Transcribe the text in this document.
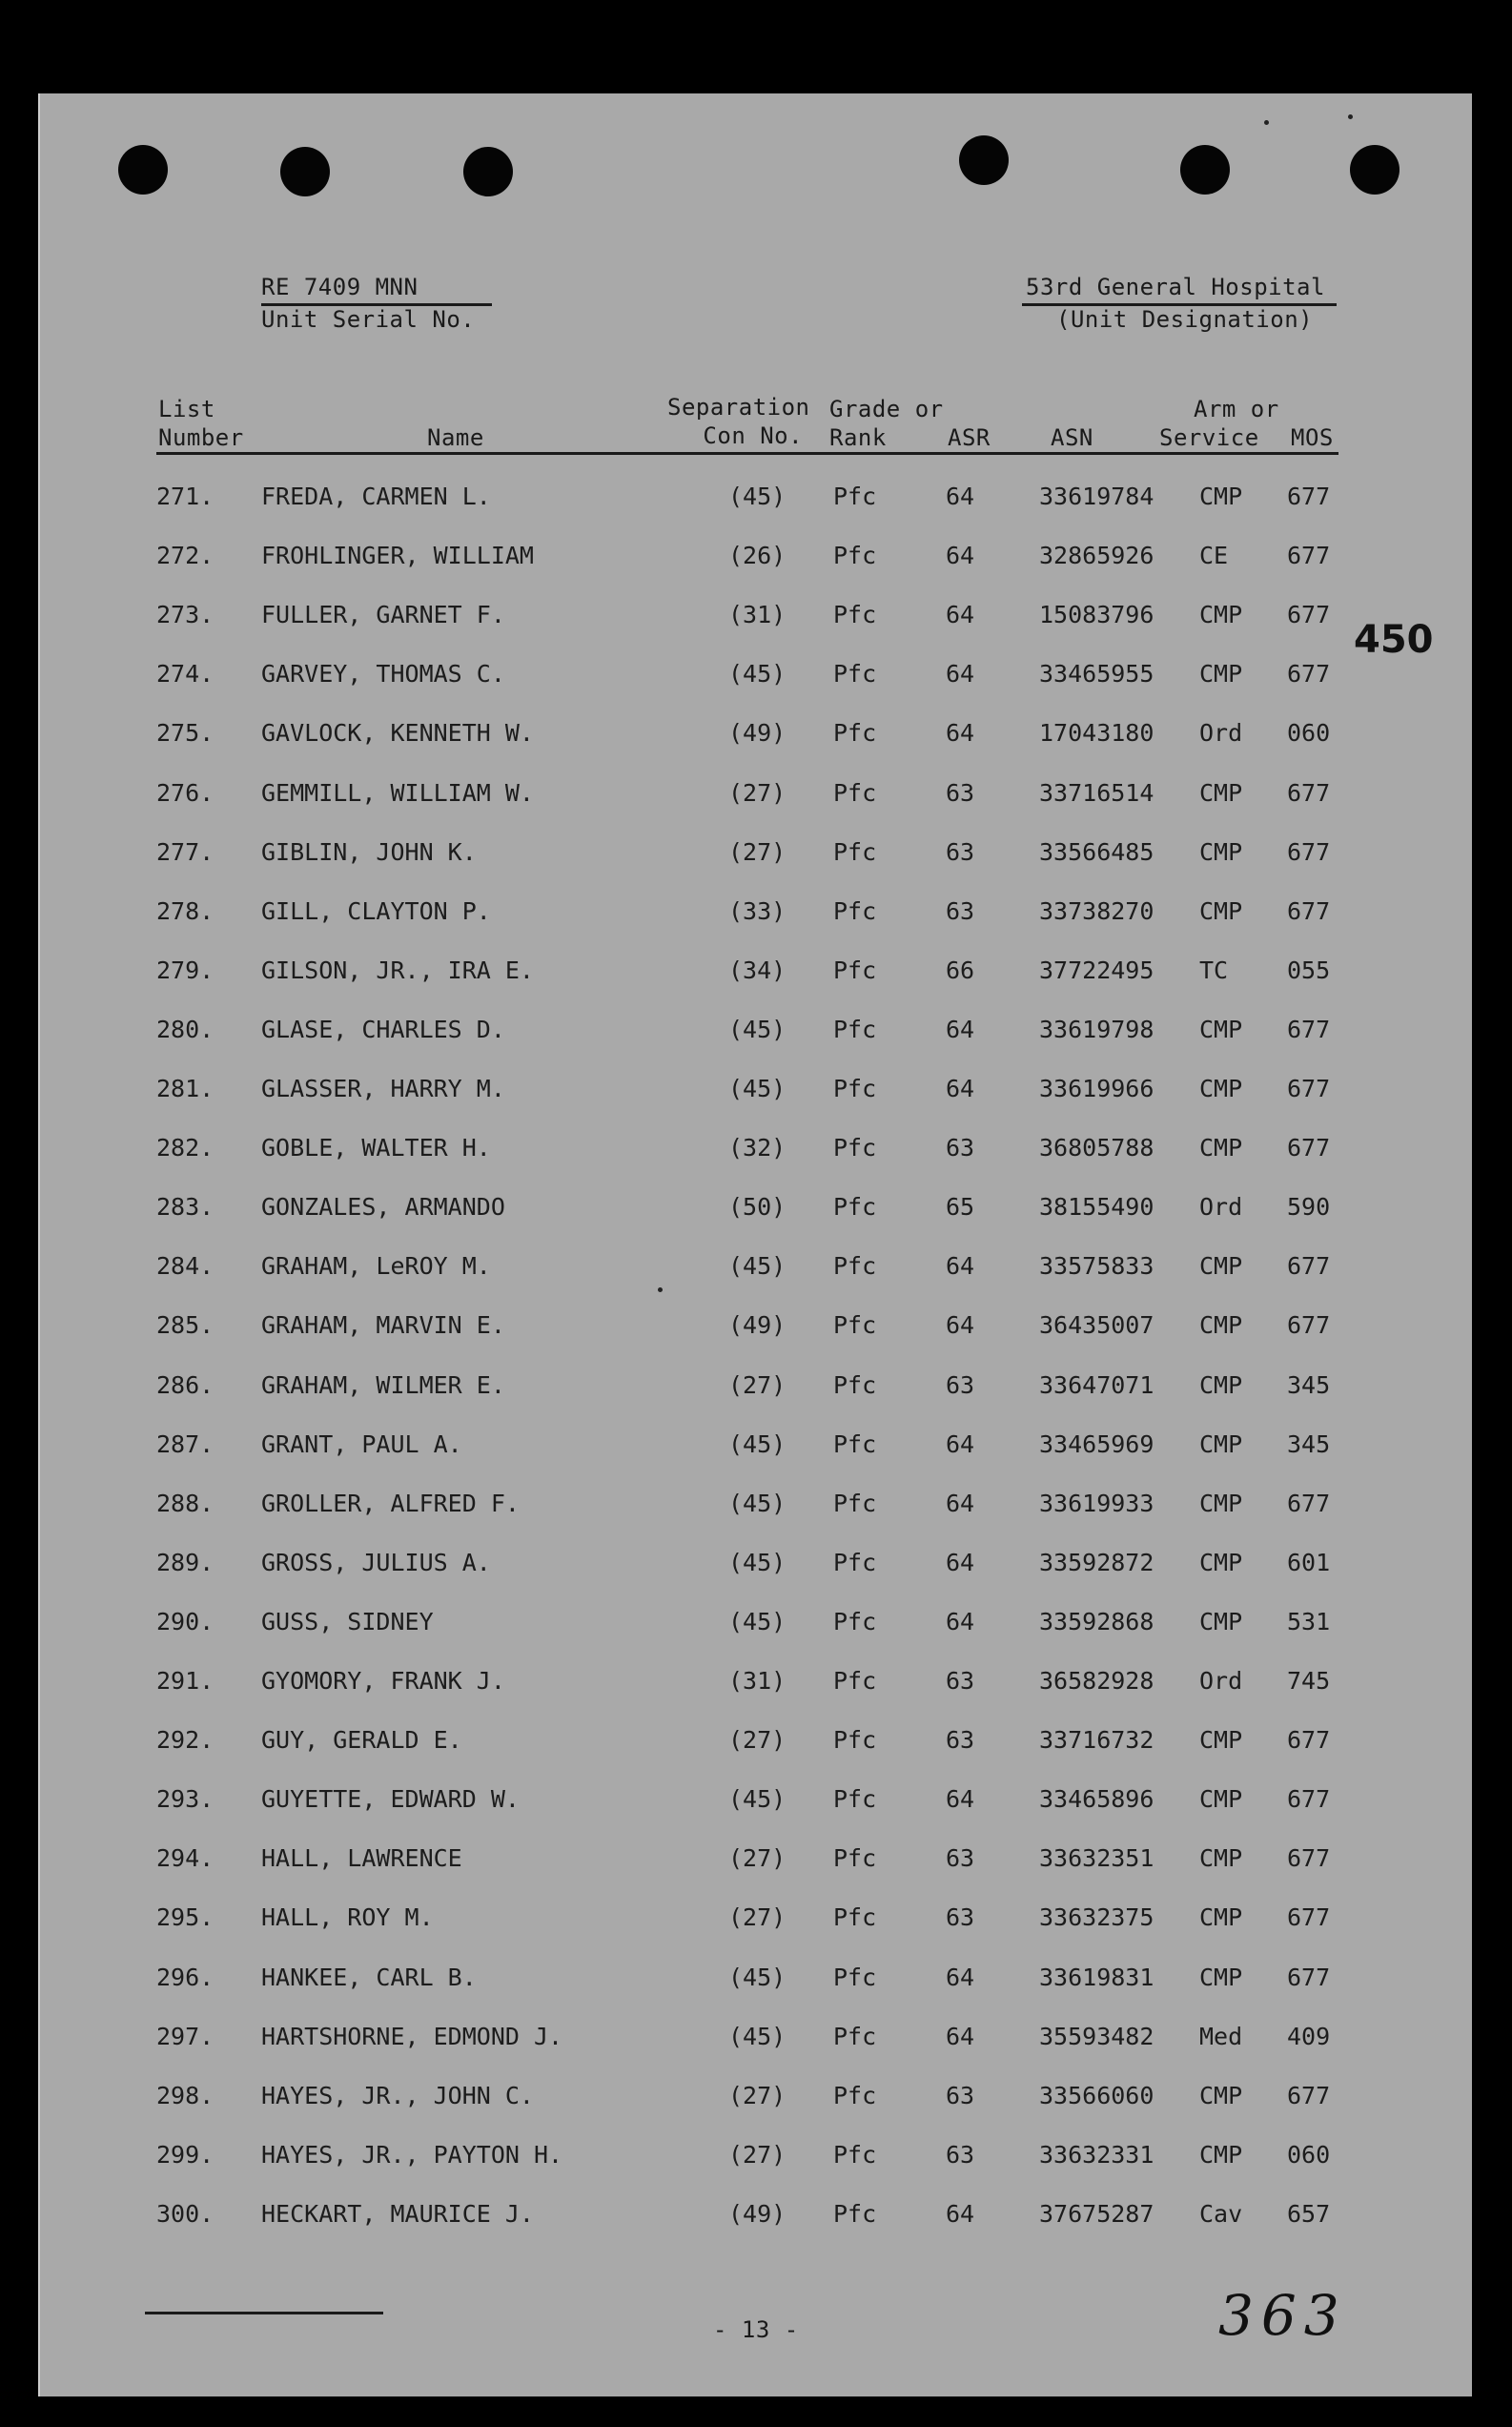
RE 7409 MNN
Unit Serial No.
53rd General Hospital
(Unit Designation)
List
Number	Name
Separation
Con No.
Grade or
Rank	ASR	ASN
Arm or
Service	MOS
271. FREDA, CARMEN L.	(45) Pfc	64	33619784 CMP 677
272. FROHLINGER, WILLIAM	(26) Pfc	64	32865926 CE 677
273. FULLER, GARNET F.	(31) Pfc	64	15083796 CMP 677
274. GARVEY, THOMAS C.	(45) Pfc	64	33465955 CMP 677
275. GAVLOCK, KENNETH W.	(49) Pfc	64	17043180 Ord 060
276. GEMMILL, WILLIAM W.	(27) Pfc	63	33716514 CMP 677
277. GIBLIN, JOHN K.	(27) Pfc	63	33566485 CMP 677
278. GILL, CLAYTON P.	(33) Pfc	63	33738270 CMP 677
279. GILSON, JR., IRA E.	(34) Pfc	66	37722495 TC 055
280. GLASE, CHARLES D.	(45) Pfc	64	33619798 CMP 677
281. GLASSER, HARRY M.	(45) Pfc	64	33619966 CMP 677
282. GOBLE, WALTER H.	(32) Pfc	63	36805788 CMP 677
283. GONZALES, ARMANDO	(50) Pfc	65	38155490 Ord 590
284. GRAHAM, LeROY M.	(45) Pfc	64	33575833 CMP 677
285. GRAHAM, MARVIN E.	(49) Pfc	64	36435007 CMP 677
286. GRAHAM, WILMER E.	(27) Pfc	63	33647071 CMP 345
287. GRANT, PAUL A.	(45) Pfc	64	33465969 CMP 345
288. GROLLER, ALFRED F.	(45) Pfc	64	33619933 CMP 677
289. GROSS, JULIUS A.	(45) Pfc	64	33592872 CMP 601
290. GUSS, SIDNEY	(45) Pfc	64	33592868 CMP 531
291. GYOMORY, FRANK J.	(31) Pfc	63	36582928 Ord 745
292. GUY, GERALD E.	(27) Pfc	63	33716732 CMP 677
293. GUYETTE, EDWARD W.	(45) Pfc	64	33465896 CMP 677
294. HALL, LAWRENCE	(27) Pfc	63	33632351 CMP 677
295. HALL, ROY M.	(27) Pfc	63	33632375 CMP 677
296. HANKEE, CARL B.	(45) Pfc	64	33619831 CMP 677
297. HARTSHORNE, EDMOND J.	(45) Pfc	64	35593482 Med 409
298. HAYES, JR., JOHN C.	(27) Pfc	63	33566060 CMP 677
299. HAYES, JR., PAYTON H.	(27) Pfc	63	33632331 CMP 060
300. HECKART, MAURICE J.	(49) Pfc	64	37675287 Cav 657
450
- 13 -	363
